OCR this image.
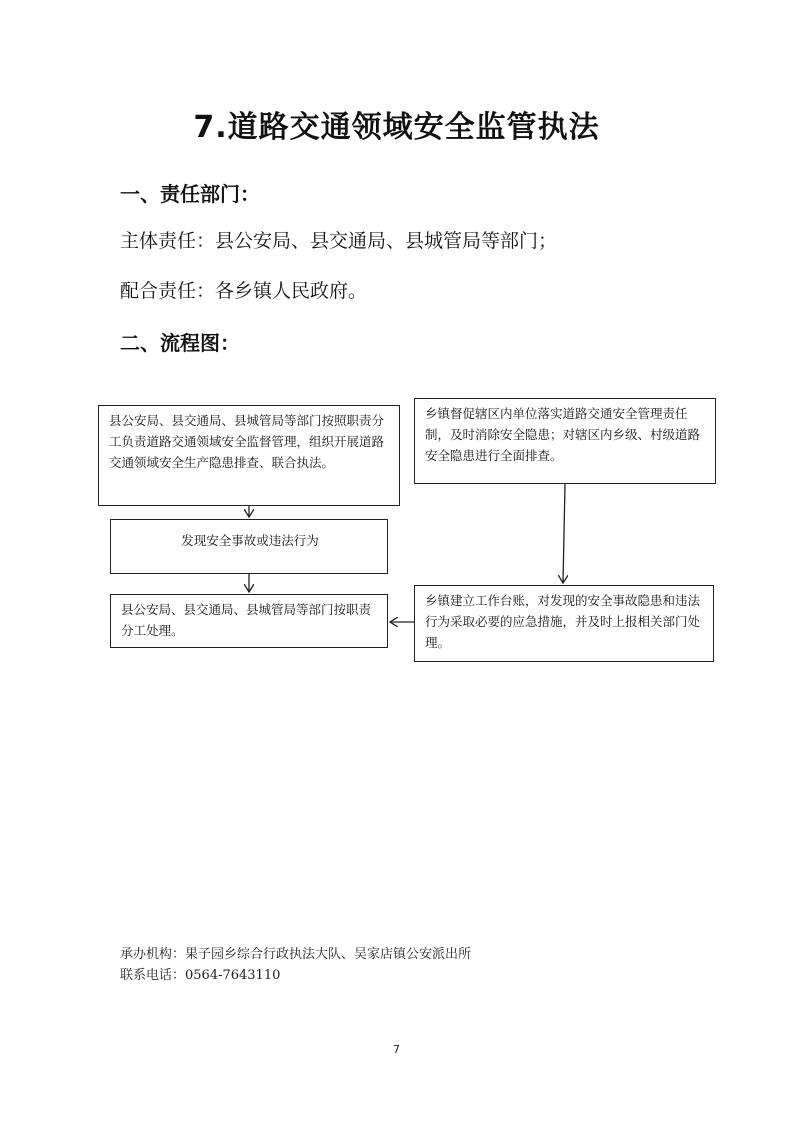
7.道路交通领域安全监管执法
一、责任部门：
主体责任：县公安局、县交通局、县城管局等部门；
配合责任：各乡镇人民政府。
二、流程图：
县公安局、县交通局、县城管局等部门按照职责分工负责道路交通领域安全监督管理，组织开展道路交通领域安全生产隐患排查、联合执法。
发现安全事故或违法行为
县公安局、县交通局、县城管局等部门按职责分工处理。
乡镇督促辖区内单位落实道路交通安全管理责任制，及时消除安全隐患；对辖区内乡级、村级道路安全隐患进行全面排查。
乡镇建立工作台账，对发现的安全事故隐患和违法行为采取必要的应急措施，并及时上报相关部门处理。
承办机构：果子园乡综合行政执法大队、吴家店镇公安派出所
联系电话：0564-7643110
7
